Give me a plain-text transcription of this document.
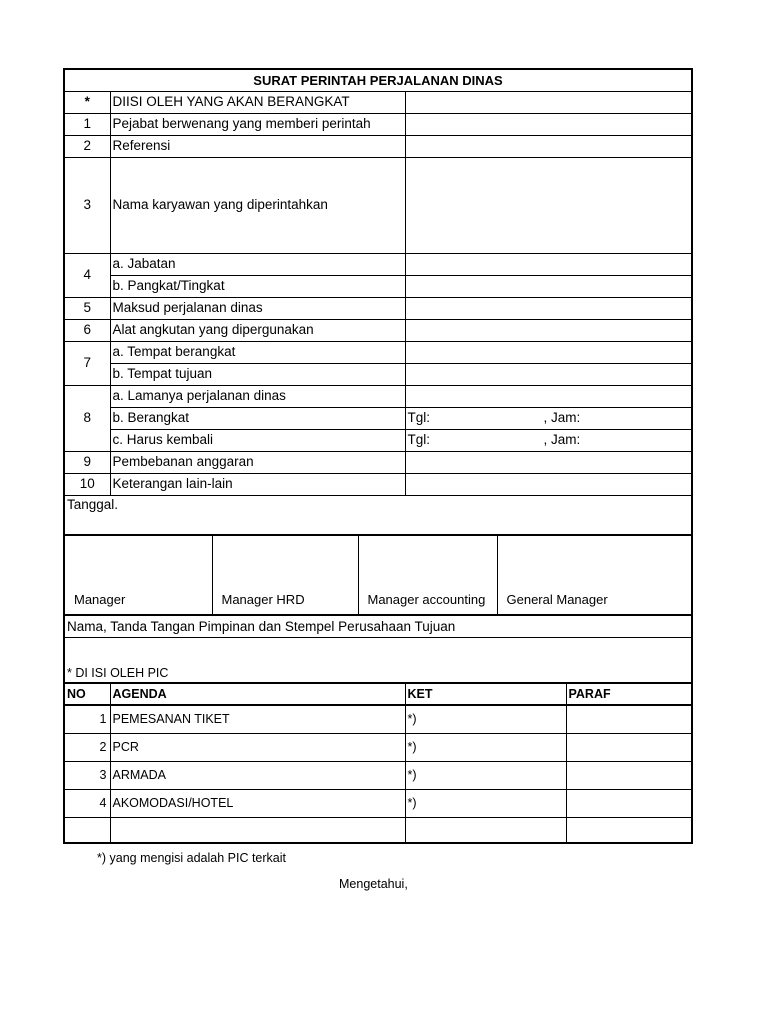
SURAT PERINTAH PERJALANAN DINAS		
*	DIISI OLEH YANG AKAN BERANGKAT	
1	Pejabat berwenang yang memberi perintah	
2	Referensi	
3	Nama karyawan yang diperintahkan	
4	a. Jabatan	
	b. Pangkat/Tingkat	
5	Maksud perjalanan dinas	
6	Alat angkutan yang dipergunakan	
7	a. Tempat berangkat	
	b. Tempat tujuan	
8	a. Lamanya perjalanan dinas	
	b. Berangkat	Tgl: , Jam:
	c. Harus kembali	Tgl: , Jam:
9	Pembebanan anggaran	
10	Keterangan lain-lain	
Tanggal.		
Manager	Manager HRD	Manager accounting	General Manager
Nama, Tanda Tangan Pimpinan dan Stempel Perusahaan Tujuan
* DI ISI OLEH PIC
NO	AGENDA	KET	PARAF
1	PEMESANAN TIKET	*)	
2	PCR	*)	
3	ARMADA	*)	
4	AKOMODASI/HOTEL	*)	

*) yang mengisi adalah PIC terkait
Mengetahui,
